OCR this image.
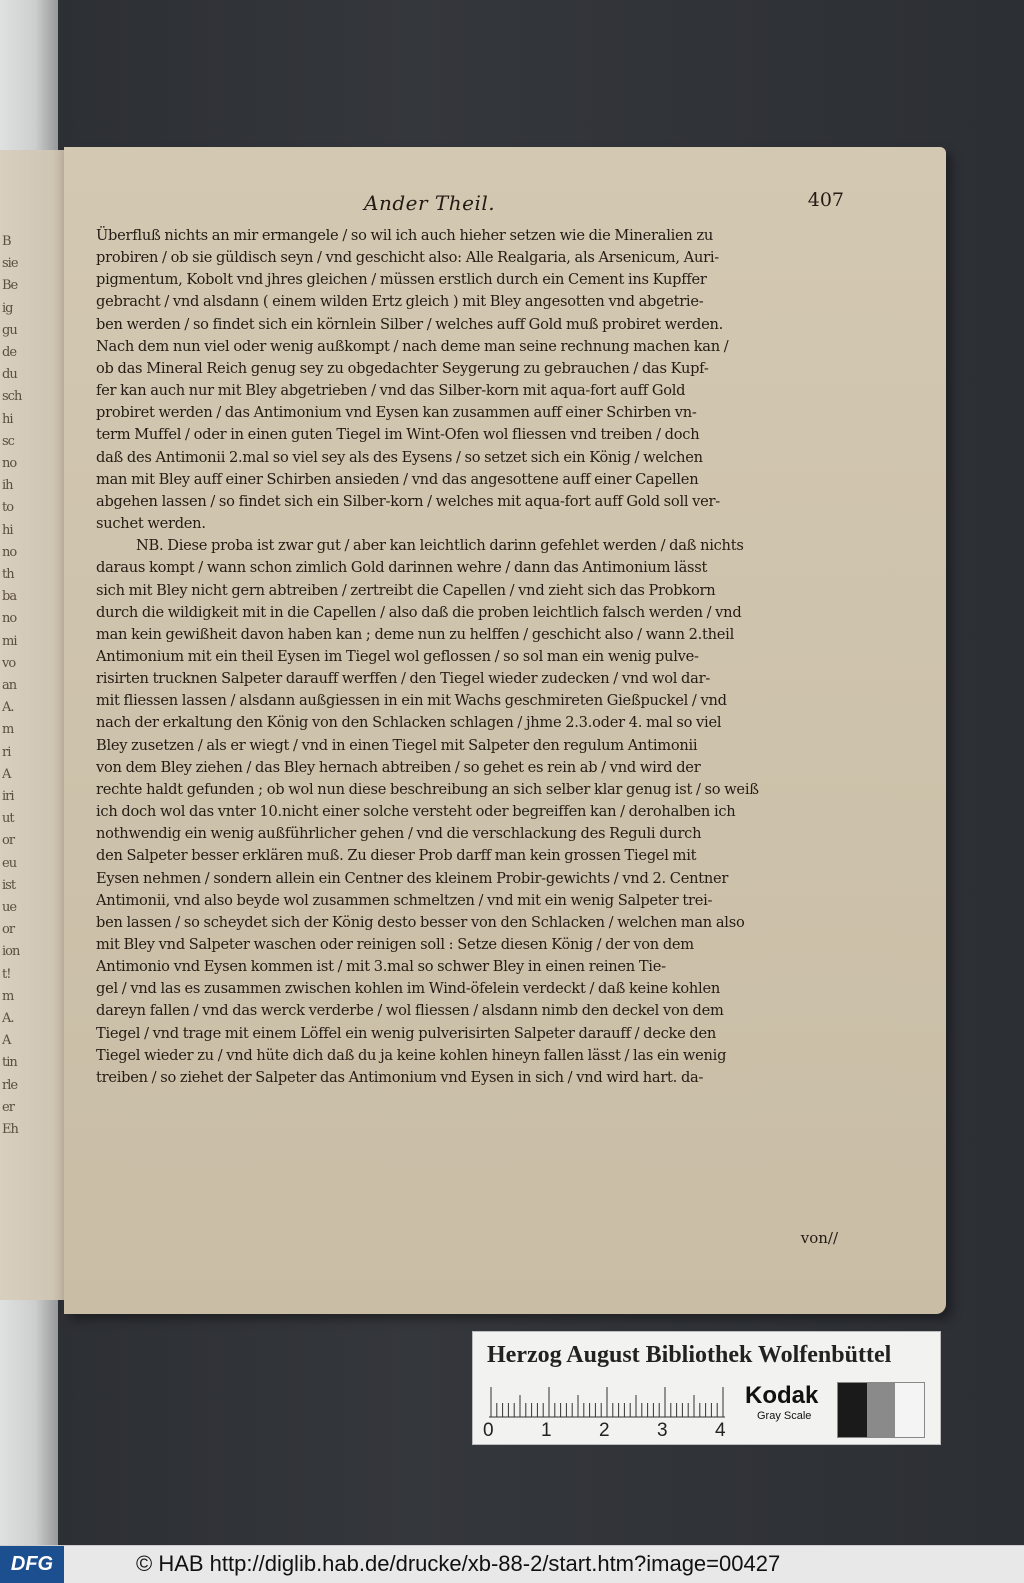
B
sie
Be
ig
gu
de
du
sch
hi
sc
no
ih
to
hi
no
th
ba
no
mi
vo
an
A.
m
ri
A
iri
ut
or
eu
ist
ue
or
ion
t!
m
A.
A
tin
rle
er
Eh
Ander Theil.	407
Überfluß nichts an mir ermangele / so wil ich auch hieher setzen wie die Mineralien zu
probiren / ob sie güldisch seyn / vnd geschicht also: Alle Realgaria, als Arsenicum, Auri-
pigmentum, Kobolt vnd jhres gleichen / müssen erstlich durch ein Cement ins Kupffer
gebracht / vnd alsdann ( einem wilden Ertz gleich ) mit Bley angesotten vnd abgetrie-
ben werden / so findet sich ein körnlein Silber / welches auff Gold muß probiret werden.
Nach dem nun viel oder wenig außkompt / nach deme man seine rechnung machen kan /
ob das Mineral Reich genug sey zu obgedachter Seygerung zu gebrauchen / das Kupf-
fer kan auch nur mit Bley abgetrieben / vnd das Silber-korn mit aqua-fort auff Gold
probiret werden / das Antimonium vnd Eysen kan zusammen auff einer Schirben vn-
term Muffel / oder in einen guten Tiegel im Wint-Ofen wol fliessen vnd treiben / doch
daß des Antimonii 2.mal so viel sey als des Eysens / so setzet sich ein König / welchen
man mit Bley auff einer Schirben ansieden / vnd das angesottene auff einer Capellen
abgehen lassen / so findet sich ein Silber-korn / welches mit aqua-fort auff Gold soll ver-
suchet werden.
NB. Diese proba ist zwar gut / aber kan leichtlich darinn gefehlet werden / daß nichts
daraus kompt / wann schon zimlich Gold darinnen wehre / dann das Antimonium lässt
sich mit Bley nicht gern abtreiben / zertreibt die Capellen / vnd zieht sich das Probkorn
durch die wildigkeit mit in die Capellen / also daß die proben leichtlich falsch werden / vnd
man kein gewißheit davon haben kan ; deme nun zu helffen / geschicht also / wann 2.theil
Antimonium mit ein theil Eysen im Tiegel wol geflossen / so sol man ein wenig pulve-
risirten trucknen Salpeter darauff werffen / den Tiegel wieder zudecken / vnd wol dar-
mit fliessen lassen / alsdann außgiessen in ein mit Wachs geschmireten Gießpuckel / vnd
nach der erkaltung den König von den Schlacken schlagen / jhme 2.3.oder 4. mal so viel
Bley zusetzen / als er wiegt / vnd in einen Tiegel mit Salpeter den regulum Antimonii
von dem Bley ziehen / das Bley hernach abtreiben / so gehet es rein ab / vnd wird der
rechte haldt gefunden ; ob wol nun diese beschreibung an sich selber klar genug ist / so weiß
ich doch wol das vnter 10.nicht einer solche versteht oder begreiffen kan / derohalben ich
nothwendig ein wenig außführlicher gehen / vnd die verschlackung des Reguli durch
den Salpeter besser erklären muß. Zu dieser Prob darff man kein grossen Tiegel mit
Eysen nehmen / sondern allein ein Centner des kleinem Probir-gewichts / vnd 2. Centner
Antimonii, vnd also beyde wol zusammen schmeltzen / vnd mit ein wenig Salpeter trei-
ben lassen / so scheydet sich der König desto besser von den Schlacken / welchen man also
mit Bley vnd Salpeter waschen oder reinigen soll : Setze diesen König / der von dem
Antimonio vnd Eysen kommen ist / mit 3.mal so schwer Bley in einen reinen Tie-
gel / vnd las es zusammen zwischen kohlen im Wind-öfelein verdeckt / daß keine kohlen
dareyn fallen / vnd das werck verderbe / wol fliessen / alsdann nimb den deckel von dem
Tiegel / vnd trage mit einem Löffel ein wenig pulverisirten Salpeter darauff / decke den
Tiegel wieder zu / vnd hüte dich daß du ja keine kohlen hineyn fallen lässt / las ein wenig
treiben / so ziehet der Salpeter das Antimonium vnd Eysen in sich / vnd wird hart. da-
von//
Herzog August Bibliothek Wolfenbüttel
0 1 2 3 4
Kodak
Gray Scale
DFG	© HAB http://diglib.hab.de/drucke/xb-88-2/start.htm?image=00427
